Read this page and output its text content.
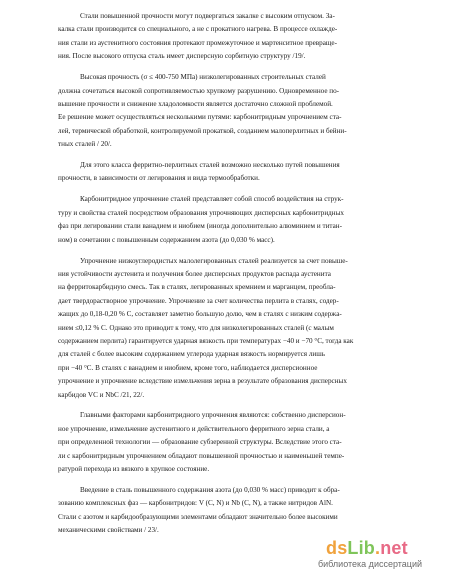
Стали повышенной прочности могут подвергаться закалке с высоким отпуском. За-
калка стали производится со специального, а не с прокатного нагрева. В процессе охлажде-
ния стали из аустенитного состояния протекают промежуточное и мартенситное превраще-
ния. После высокого отпуска сталь имеет дисперсную сорбитную структуру /19/.

Высокая прочность (σ ≤ 400-750 МПа) низколегированных строительных сталей
должна сочетаться высокой сопротивляемостью хрупкому разрушению. Одновременное по-
вышение прочности и снижение хладоломкости является достаточно сложной проблемой.
Ее решение может осуществляться несколькими путями: карбонитридным упрочнением ста-
лей, термической обработкой, контролируемой прокаткой, созданием малоперлитных и бейни-
тных сталей / 20/.

Для этого класса ферритно-перлитных сталей возможно несколько путей повышения
прочности, в зависимости от легирования и вида термообработки.

Карбонитридное упрочнение сталей представляет собой способ воздействия на струк-
туру и свойства сталей посредством образования упрочняющих дисперсных карбонитридных
фаз при легировании стали ванадием и ниобием (иногда дополнительно алюминием и титан-
ном) в сочетании с повышенным содержанием азота (до 0,030 % масс).

Упрочнение низкоуглеродистых малолегированных сталей реализуется за счет повыше-
ния устойчивости аустенита и получения более дисперсных продуктов распада аустенита
на ферритокарбидную смесь. Так в сталях, легированных кремнием и марганцем, преобла-
дает твердорастворное упрочнение. Упрочнение за счет количества перлита в сталях, содер-
жащих до 0,18-0,20 % С, составляет заметно большую долю, чем в сталях с низким содержа-
нием ≤0,12 % С. Однако это приводит к тому, что для низколегированных сталей (с малым
содержанием перлита) гарантируется ударная вязкость при температурах −40 и −70 °С, тогда как
для сталей с более высоким содержанием углерода ударная вязкость нормируется лишь
при −40 °С. В сталях с ванадием и ниобием, кроме того, наблюдается дисперсионное
упрочнение и упрочнение вследствие измельчения зерна в результате образования дисперсных
карбидов VС и NbС /21, 22/.

Главными факторами карбонитридного упрочнения являются: собственно дисперсион-
ное упрочнение, измельчение аустенитного и действительного ферритного зерна стали, а
при определенной технологии — образование субзеренной структуры. Вследствие этого ста-
ли с карбонитридным упрочнением обладают повышенной прочностью и наименьшей темпе-
ратурой перехода из вязкого в хрупкое состояние.

Введение в сталь повышенного содержания азота (до 0,030 % масс) приводит к обра-
зованию комплексных фаз — карбонитридов: V (С, N) и Nb (С, N), а также нитридов АlN.
Стали с азотом и карбидообразующими элементами обладают значительно более высокими
механическими свойствами / 23/.

dsLib.net
библиотека диссертаций
